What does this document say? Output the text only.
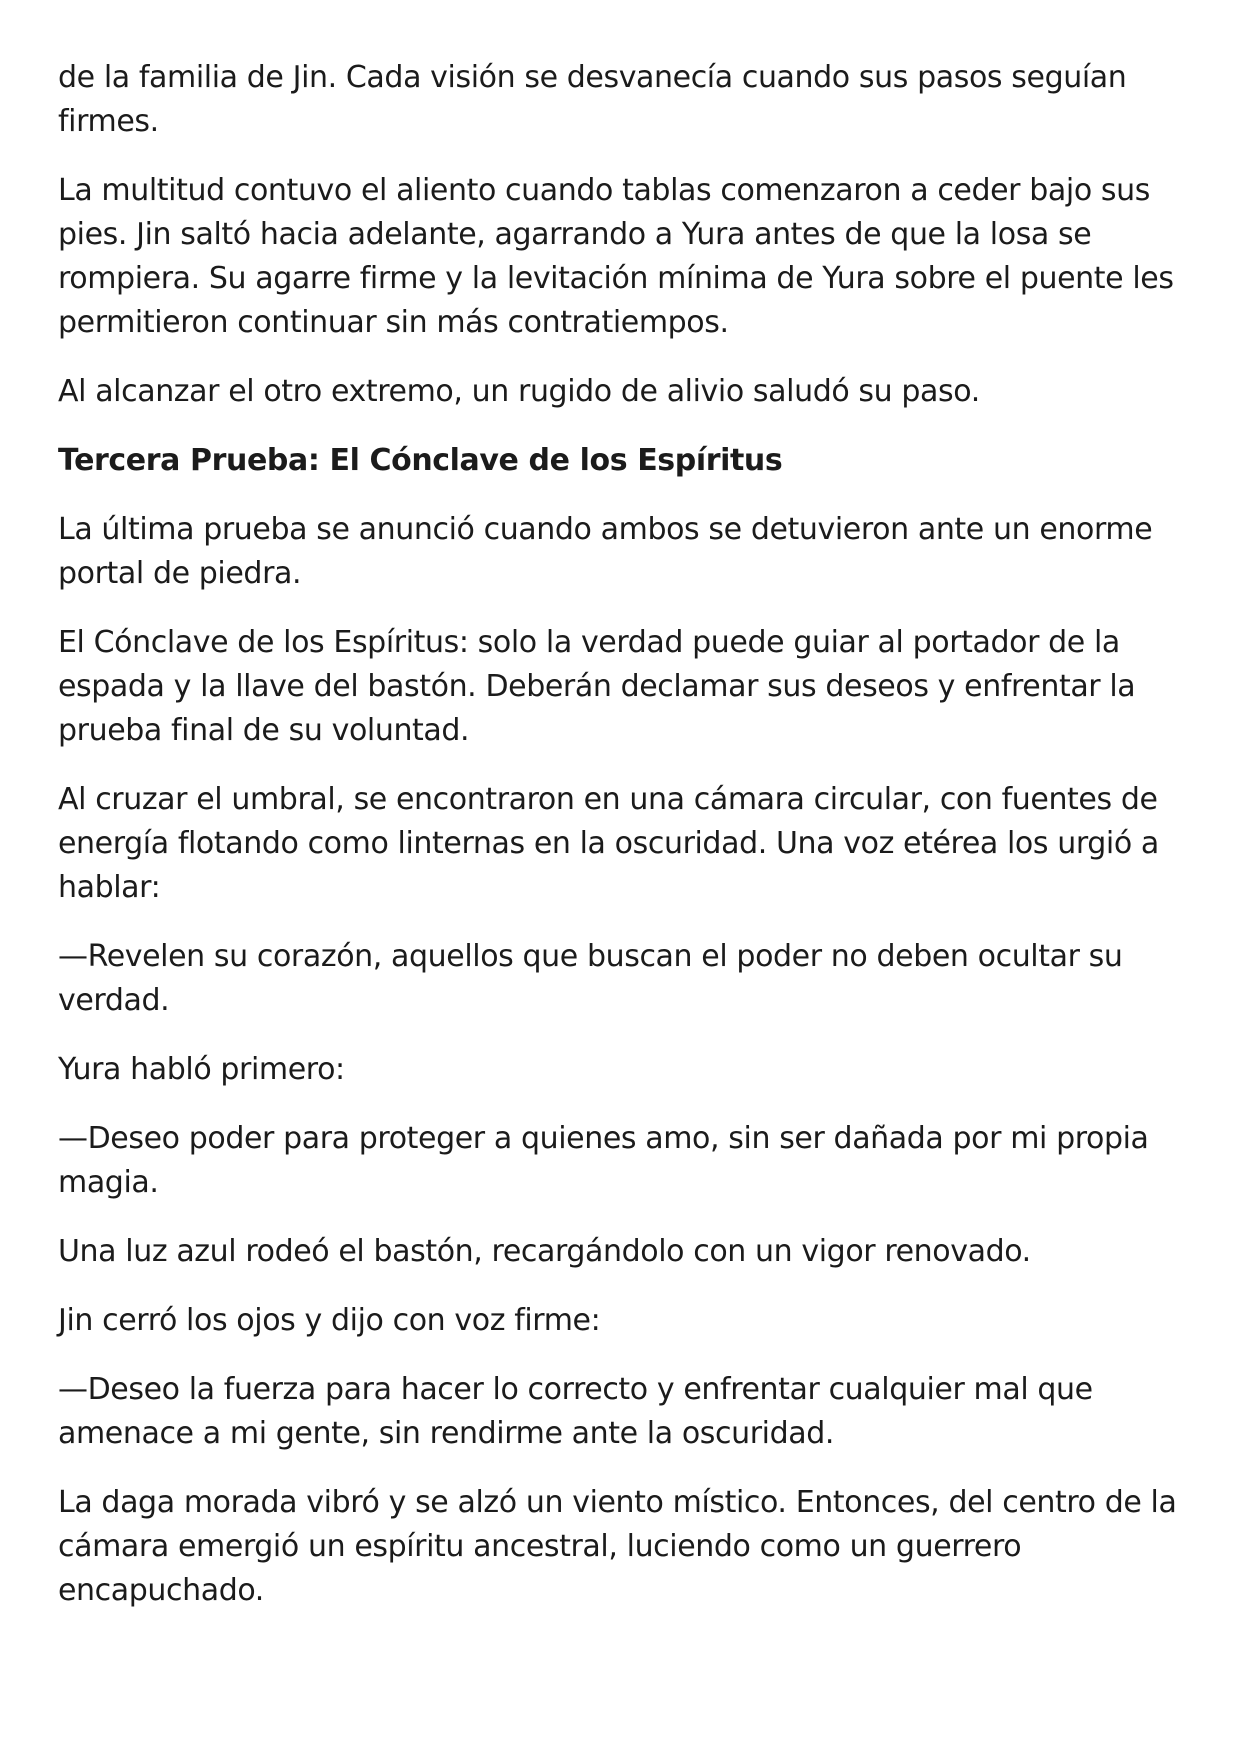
de la familia de Jin. Cada visión se desvanecía cuando sus pasos seguían firmes.

La multitud contuvo el aliento cuando tablas comenzaron a ceder bajo sus pies. Jin saltó hacia adelante, agarrando a Yura antes de que la losa se rompiera. Su agarre firme y la levitación mínima de Yura sobre el puente les permitieron continuar sin más contratiempos.

Al alcanzar el otro extremo, un rugido de alivio saludó su paso.

Tercera Prueba: El Cónclave de los Espíritus

La última prueba se anunció cuando ambos se detuvieron ante un enorme portal de piedra.

El Cónclave de los Espíritus: solo la verdad puede guiar al portador de la espada y la llave del bastón. Deberán declamar sus deseos y enfrentar la prueba final de su voluntad.

Al cruzar el umbral, se encontraron en una cámara circular, con fuentes de energía flotando como linternas en la oscuridad. Una voz etérea los urgió a hablar:

—Revelen su corazón, aquellos que buscan el poder no deben ocultar su verdad.

Yura habló primero:

—Deseo poder para proteger a quienes amo, sin ser dañada por mi propia magia.

Una luz azul rodeó el bastón, recargándolo con un vigor renovado.

Jin cerró los ojos y dijo con voz firme:

—Deseo la fuerza para hacer lo correcto y enfrentar cualquier mal que amenace a mi gente, sin rendirme ante la oscuridad.

La daga morada vibró y se alzó un viento místico. Entonces, del centro de la cámara emergió un espíritu ancestral, luciendo como un guerrero encapuchado.
